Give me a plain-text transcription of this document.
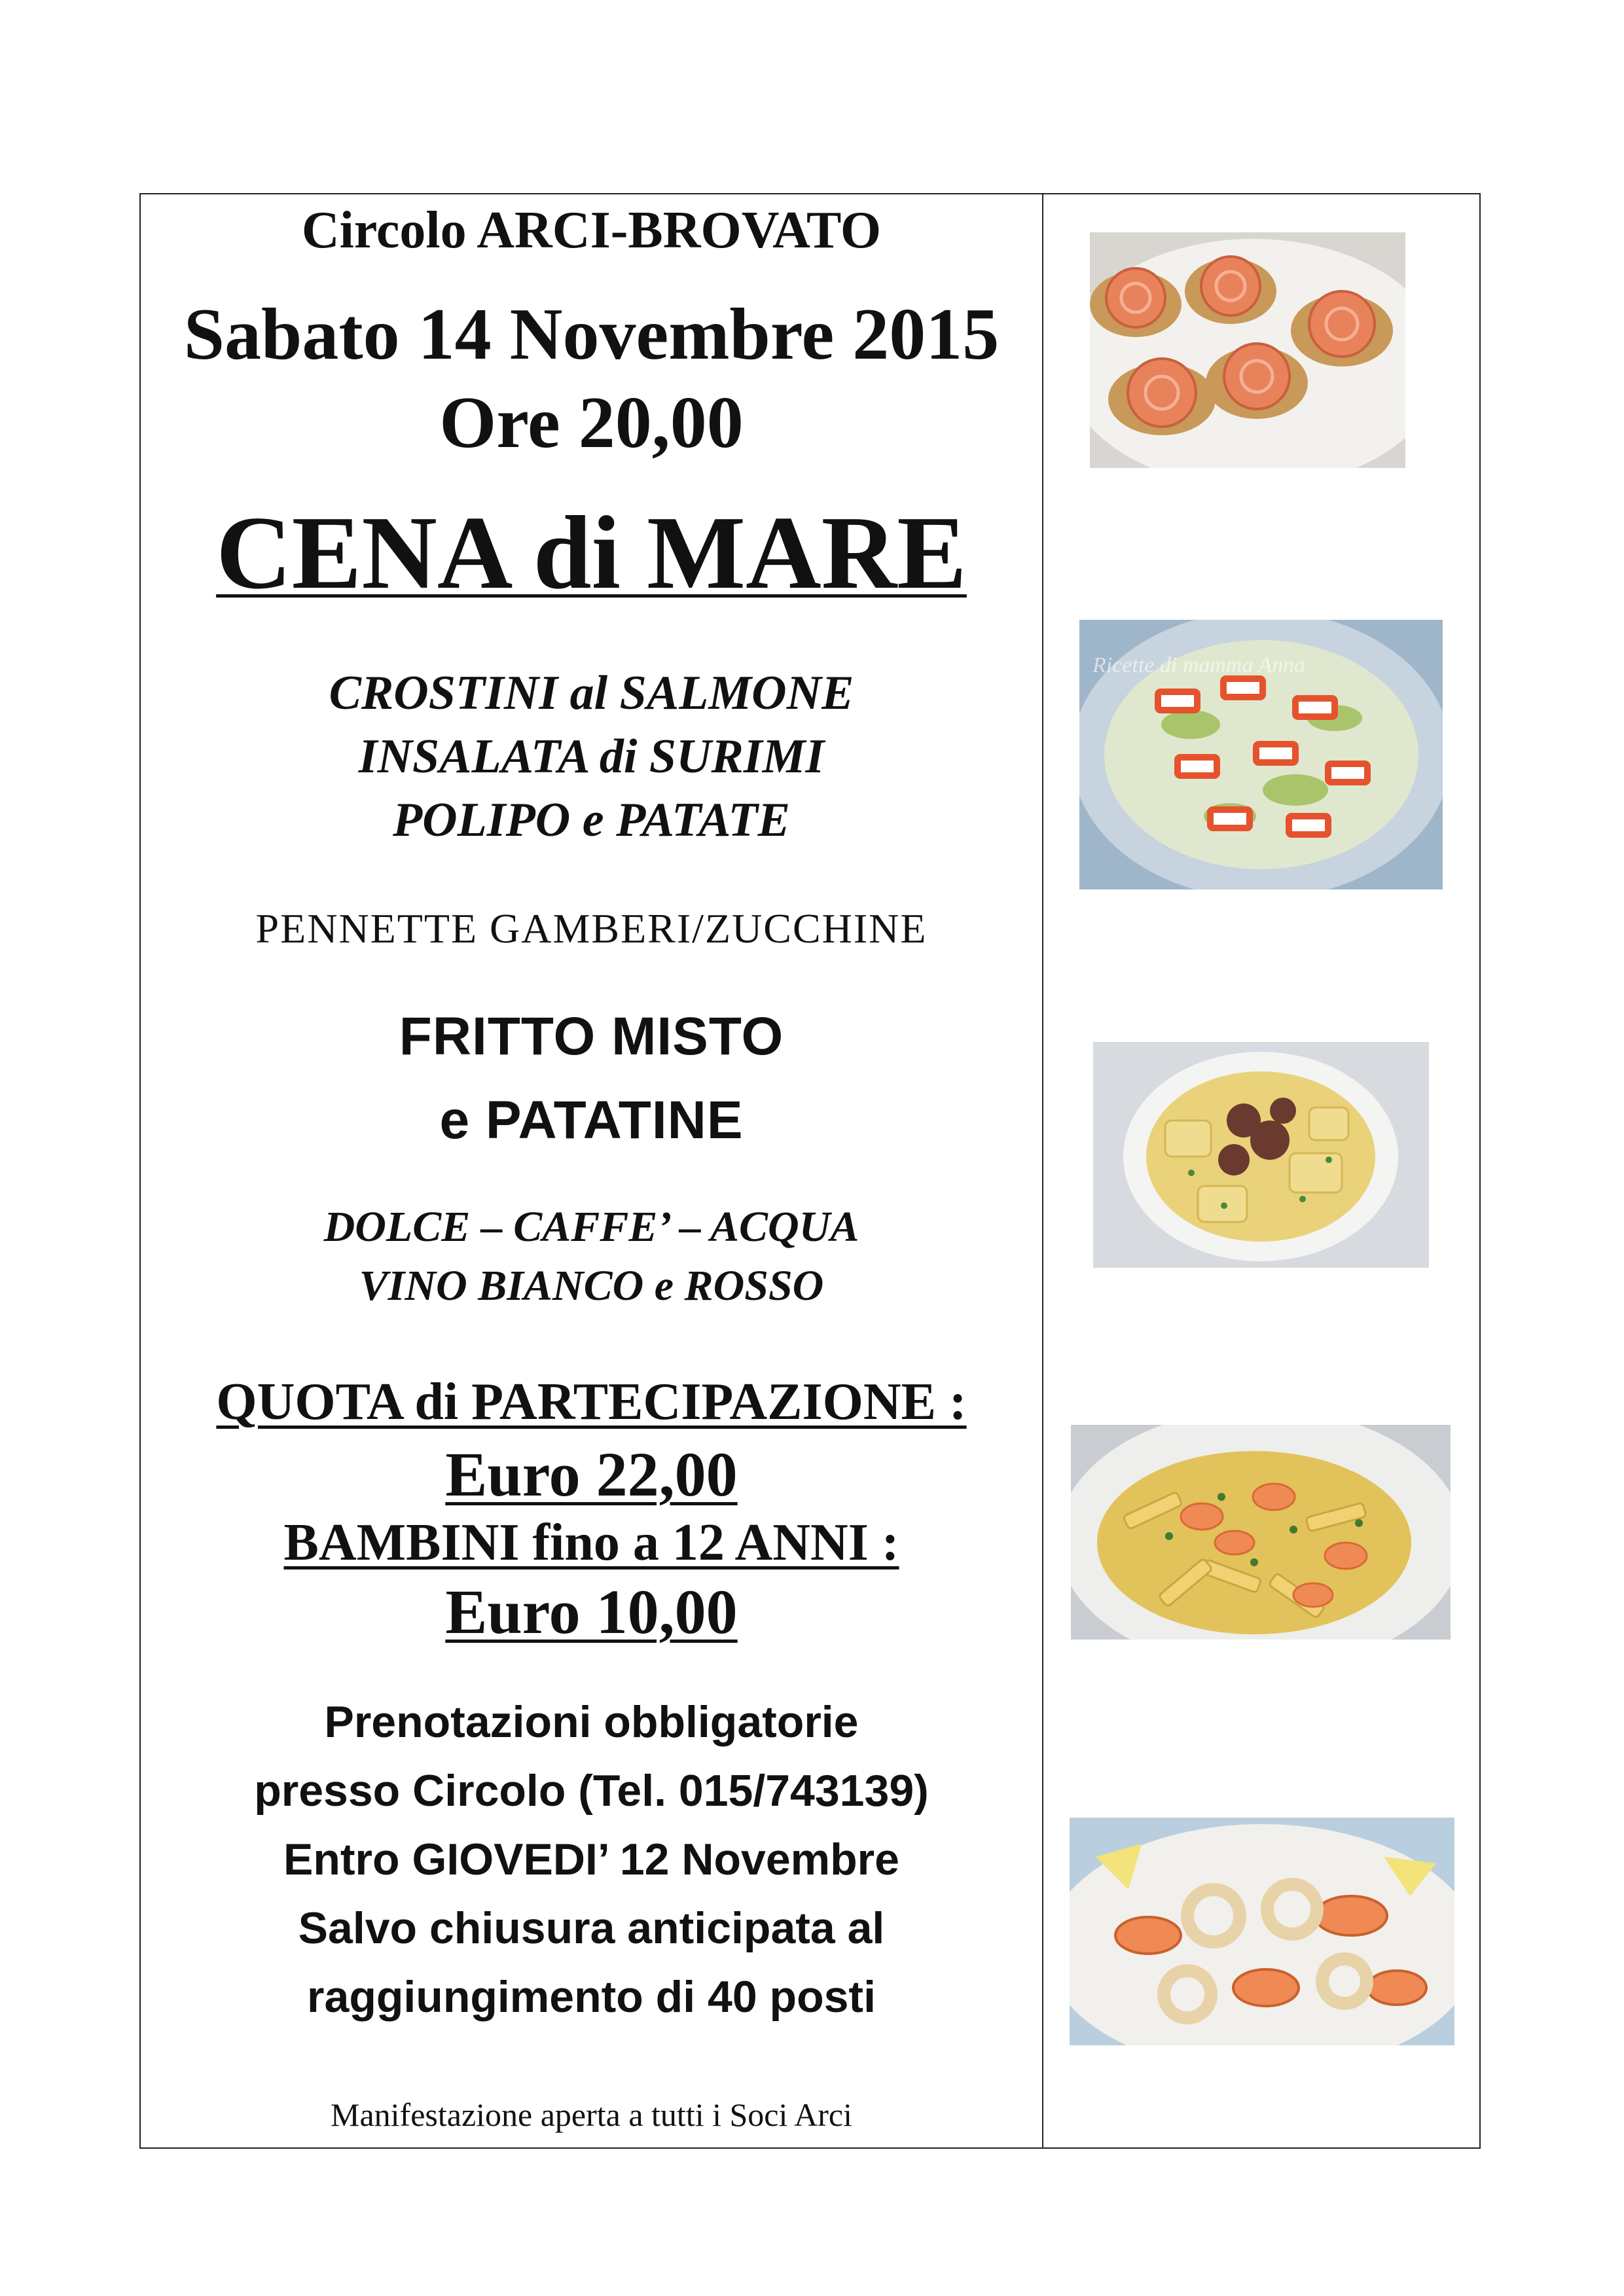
Circolo ARCI-BROVATO
Sabato 14 Novembre 2015
Ore 20,00
CENA di MARE
CROSTINI al SALMONE
INSALATA di SURIMI
POLIPO e PATATE
PENNETTE GAMBERI/ZUCCHINE
FRITTO MISTO
e PATATINE
DOLCE – CAFFE’ – ACQUA
VINO BIANCO e ROSSO
QUOTA di PARTECIPAZIONE :
Euro 22,00
BAMBINI fino a 12 ANNI :
Euro 10,00
Prenotazioni obbligatorie
presso Circolo (Tel. 015/743139)
Entro GIOVEDI’ 12 Novembre
Salvo chiusura anticipata al
raggiungimento di 40 posti
Manifestazione aperta a tutti i Soci Arci
Ricette di mamma Anna
